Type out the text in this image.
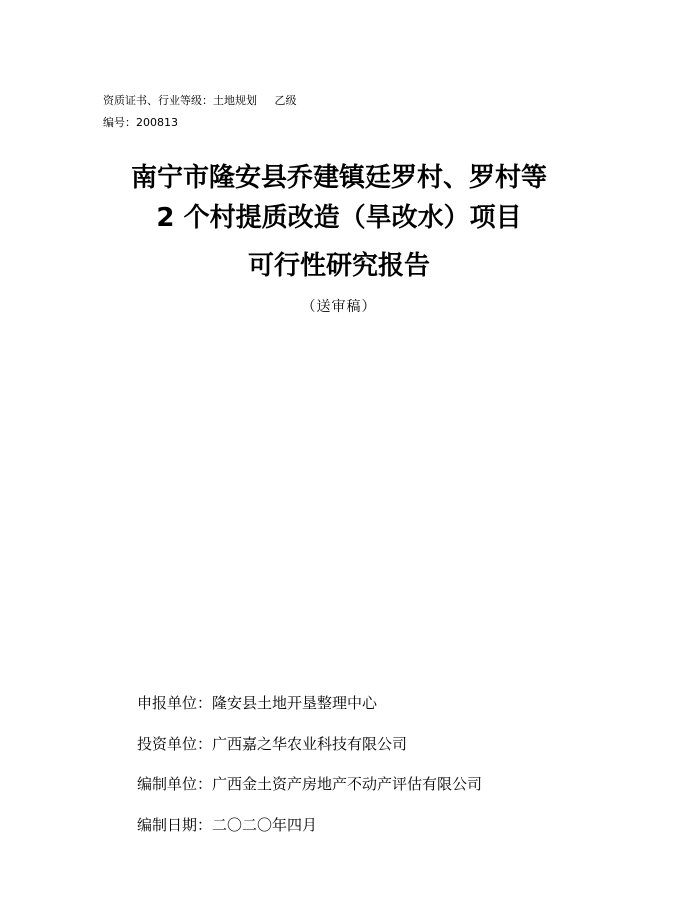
资质证书、行业等级：土地规划     乙级
编号：200813
南宁市隆安县乔建镇廷罗村、罗村等
2 个村提质改造（旱改水）项目
可行性研究报告
（送审稿）
申报单位：隆安县土地开垦整理中心
投资单位：广西嘉之华农业科技有限公司
编制单位：广西金土资产房地产不动产评估有限公司
编制日期：二〇二〇年四月
